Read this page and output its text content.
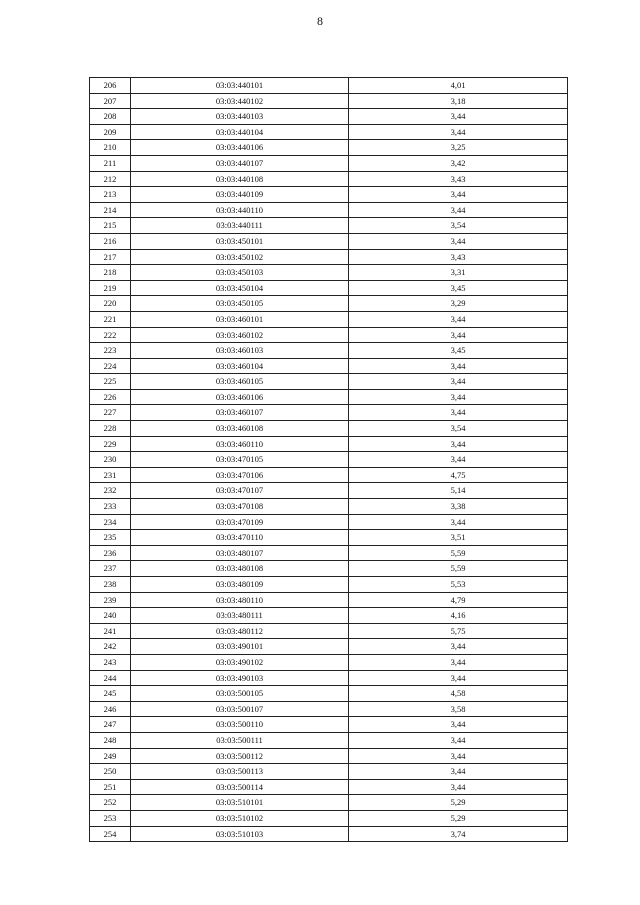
8
206	03:03:440101	4,01
207	03:03:440102	3,18
208	03:03:440103	3,44
209	03:03:440104	3,44
210	03:03:440106	3,25
211	03:03:440107	3,42
212	03:03:440108	3,43
213	03:03:440109	3,44
214	03:03:440110	3,44
215	03:03:440111	3,54
216	03:03:450101	3,44
217	03:03:450102	3,43
218	03:03:450103	3,31
219	03:03:450104	3,45
220	03:03:450105	3,29
221	03:03:460101	3,44
222	03:03:460102	3,44
223	03:03:460103	3,45
224	03:03:460104	3,44
225	03:03:460105	3,44
226	03:03:460106	3,44
227	03:03:460107	3,44
228	03:03:460108	3,54
229	03:03:460110	3,44
230	03:03:470105	3,44
231	03:03:470106	4,75
232	03:03:470107	5,14
233	03:03:470108	3,38
234	03:03:470109	3,44
235	03:03:470110	3,51
236	03:03:480107	5,59
237	03:03:480108	5,59
238	03:03:480109	5,53
239	03:03:480110	4,79
240	03:03:480111	4,16
241	03:03:480112	5,75
242	03:03:490101	3,44
243	03:03:490102	3,44
244	03:03:490103	3,44
245	03:03:500105	4,58
246	03:03:500107	3,58
247	03:03:500110	3,44
248	03:03:500111	3,44
249	03:03:500112	3,44
250	03:03:500113	3,44
251	03:03:500114	3,44
252	03:03:510101	5,29
253	03:03:510102	5,29
254	03:03:510103	3,74
